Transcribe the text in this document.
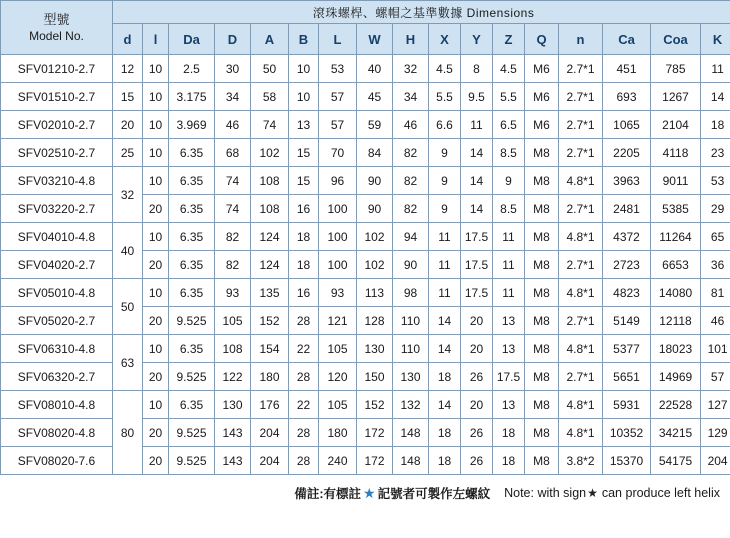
型號
Model No.	滾珠螺桿、螺帽之基準數據 Dimensions																
	d	l	Da	D	A	B	L	W	H	X	Y	Z	Q	n	Ca	Coa	K
SFV01210-2.7	12	10	2.5	30	50	10	53	40	32	4.5	8	4.5	M6	2.7*1	451	785	11
SFV01510-2.7	15	10	3.175	34	58	10	57	45	34	5.5	9.5	5.5	M6	2.7*1	693	1267	14
SFV02010-2.7	20	10	3.969	46	74	13	57	59	46	6.6	11	6.5	M6	2.7*1	1065	2104	18
SFV02510-2.7	25	10	6.35	68	102	15	70	84	82	9	14	8.5	M8	2.7*1	2205	4118	23
SFV03210-4.8	32	10	6.35	74	108	15	96	90	82	9	14	9	M8	4.8*1	3963	9011	53
SFV03220-2.7		20	6.35	74	108	16	100	90	82	9	14	8.5	M8	2.7*1	2481	5385	29
SFV04010-4.8	40	10	6.35	82	124	18	100	102	94	11	17.5	11	M8	4.8*1	4372	11264	65
SFV04020-2.7		20	6.35	82	124	18	100	102	90	11	17.5	11	M8	2.7*1	2723	6653	36
SFV05010-4.8	50	10	6.35	93	135	16	93	113	98	11	17.5	11	M8	4.8*1	4823	14080	81
SFV05020-2.7		20	9.525	105	152	28	121	128	110	14	20	13	M8	2.7*1	5149	12118	46
SFV06310-4.8	63	10	6.35	108	154	22	105	130	110	14	20	13	M8	4.8*1	5377	18023	101
SFV06320-2.7		20	9.525	122	180	28	120	150	130	18	26	17.5	M8	2.7*1	5651	14969	57
SFV08010-4.8	80	10	6.35	130	176	22	105	152	132	14	20	13	M8	4.8*1	5931	22528	127
SFV08020-4.8		20	9.525	143	204	28	180	172	148	18	26	18	M8	4.8*1	10352	34215	129
SFV08020-7.6		20	9.525	143	204	28	240	172	148	18	26	18	M8	3.8*2	15370	54175	204
備註:有標註 ★ 記號者可製作左螺紋 Note: with sign ★ can produce left helix
